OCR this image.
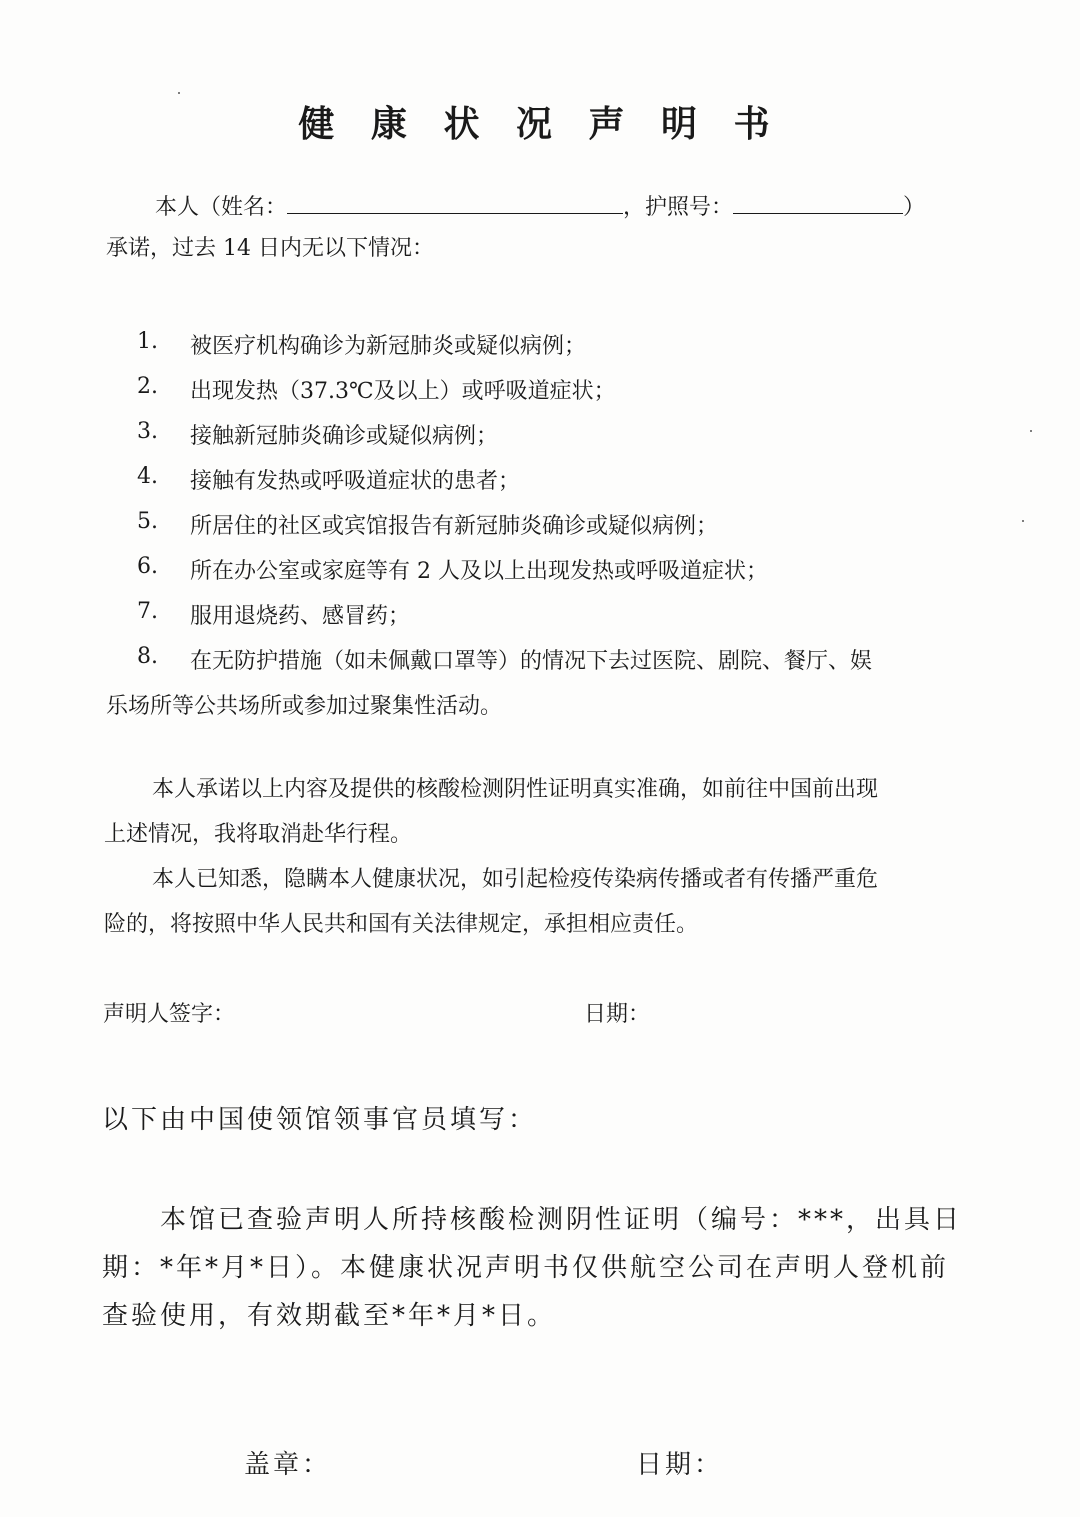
健 康 状 况 声 明 书
本人（姓名：	，护照号：	）
承诺，过去 14 日内无以下情况：
1. 被医疗机构确诊为新冠肺炎或疑似病例；
2. 出现发热（37.3℃及以上）或呼吸道症状；
3. 接触新冠肺炎确诊或疑似病例；
4. 接触有发热或呼吸道症状的患者；
5. 所居住的社区或宾馆报告有新冠肺炎确诊或疑似病例；
6. 所在办公室或家庭等有 2 人及以上出现发热或呼吸道症状；
7. 服用退烧药、感冒药；
8. 在无防护措施（如未佩戴口罩等）的情况下去过医院、剧院、餐厅、娱
乐场所等公共场所或参加过聚集性活动。
本人承诺以上内容及提供的核酸检测阴性证明真实准确，如前往中国前出现
上述情况，我将取消赴华行程。
本人已知悉，隐瞒本人健康状况，如引起检疫传染病传播或者有传播严重危
险的，将按照中华人民共和国有关法律规定，承担相应责任。
声明人签字：	日期：
以下由中国使领馆领事官员填写：
本馆已查验声明人所持核酸检测阴性证明（编号：***，出具日
期：*年*月*日）。本健康状况声明书仅供航空公司在声明人登机前
查验使用，有效期截至*年*月*日。
盖章：	日期：
